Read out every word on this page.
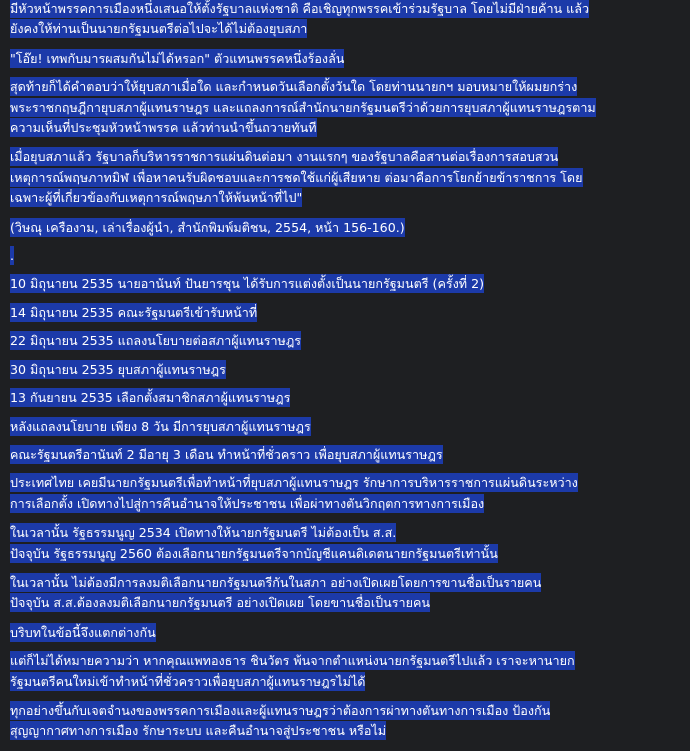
มีหัวหน้าพรรคการเมืองหนึ่งเสนอให้ตั้งรัฐบาลแห่งชาติ คือเชิญทุกพรรคเข้าร่วมรัฐบาล โดยไม่มีฝ่ายค้าน แล้ว
ยังคงให้ท่านเป็นนายกรัฐมนตรีต่อไปจะได้ไม่ต้องยุบสภา
"โอ๊ย! เทพกับมารผสมกันไม่ได้หรอก" ตัวแทนพรรคหนึ่งร้องลั่น
สุดท้ายก็ได้คำตอบว่าให้ยุบสภาเมื่อใด และกำหนดวันเลือกตั้งวันใด โดยท่านนายกฯ มอบหมายให้ผมยกร่าง
พระราชกฤษฎีกายุบสภาผู้แทนราษฎร และแถลงการณ์สำนักนายกรัฐมนตรีว่าด้วยการยุบสภาผู้แทนราษฎรตาม
ความเห็นที่ประชุมหัวหน้าพรรค แล้วท่านนำขึ้นถวายทันที
เมื่อยุบสภาแล้ว รัฐบาลก็บริหารราชการแผ่นดินต่อมา งานแรกๆ ของรัฐบาลคือสานต่อเรื่องการสอบสวน
เหตุการณ์พฤษภาทมิฬ เพื่อหาคนรับผิดชอบและการชดใช้แก่ผู้เสียหาย ต่อมาคือการโยกย้ายข้าราชการ โดย
เฉพาะผู้ที่เกี่ยวข้องกับเหตุการณ์พฤษภาให้พ้นหน้าที่ไป"
(วิษณุ เครืองาม, เล่าเรื่องผู้นำ, สำนักพิมพ์มติชน, 2554, หน้า 156-160.)
.
10 มิถุนายน 2535 นายอานันท์ ปันยารชุน ได้รับการแต่งตั้งเป็นนายกรัฐมนตรี (ครั้งที่ 2)
14 มิถุนายน 2535 คณะรัฐมนตรีเข้ารับหน้าที่
22 มิถุนายน 2535 แถลงนโยบายต่อสภาผู้แทนราษฎร
30 มิถุนายน 2535 ยุบสภาผู้แทนราษฎร
13 กันยายน 2535 เลือกตั้งสมาชิกสภาผู้แทนราษฎร
หลังแถลงนโยบาย เพียง 8 วัน มีการยุบสภาผู้แทนราษฎร
คณะรัฐมนตรีอานันท์ 2 มีอายุ 3 เดือน ทำหน้าที่ชั่วคราว เพื่อยุบสภาผู้แทนราษฎร
ประเทศไทย เคยมีนายกรัฐมนตรีเพื่อทำหน้าที่ยุบสภาผู้แทนราษฎร รักษาการบริหารราชการแผ่นดินระหว่าง
การเลือกตั้ง เปิดทางไปสู่การคืนอำนาจให้ประชาชน เพื่อผ่าทางตันวิกฤตการทางการเมือง
ในเวลานั้น รัฐธรรมนูญ 2534 เปิดทางให้นายกรัฐมนตรี ไม่ต้องเป็น ส.ส.
ปัจจุบัน รัฐธรรมนูญ 2560 ต้องเลือกนายกรัฐมนตรีจากบัญชีแคนดิเดตนายกรัฐมนตรีเท่านั้น
ในเวลานั้น ไม่ต้องมีการลงมติเลือกนายกรัฐมนตรีกันในสภา อย่างเปิดเผยโดยการขานชื่อเป็นรายคน
ปัจจุบัน ส.ส.ต้องลงมติเลือกนายกรัฐมนตรี อย่างเปิดเผย โดยขานชื่อเป็นรายคน
บริบทในข้อนี้จึงแตกต่างกัน
แต่ก็ไม่ได้หมายความว่า หากคุณแพทองธาร ชินวัตร พ้นจากตำแหน่งนายกรัฐมนตรีไปแล้ว เราจะหานายก
รัฐมนตรีคนใหม่เข้าทำหน้าที่ชั่วคราวเพื่อยุบสภาผู้แทนราษฎรไม่ได้
ทุกอย่างขึ้นกับเจตจำนงของพรรคการเมืองและผู้แทนราษฎรว่าต้องการผ่าทางตันทางการเมือง ป้องกัน
สุญญากาศทางการเมือง รักษาระบบ และคืนอำนาจสู่ประชาชน หรือไม่
